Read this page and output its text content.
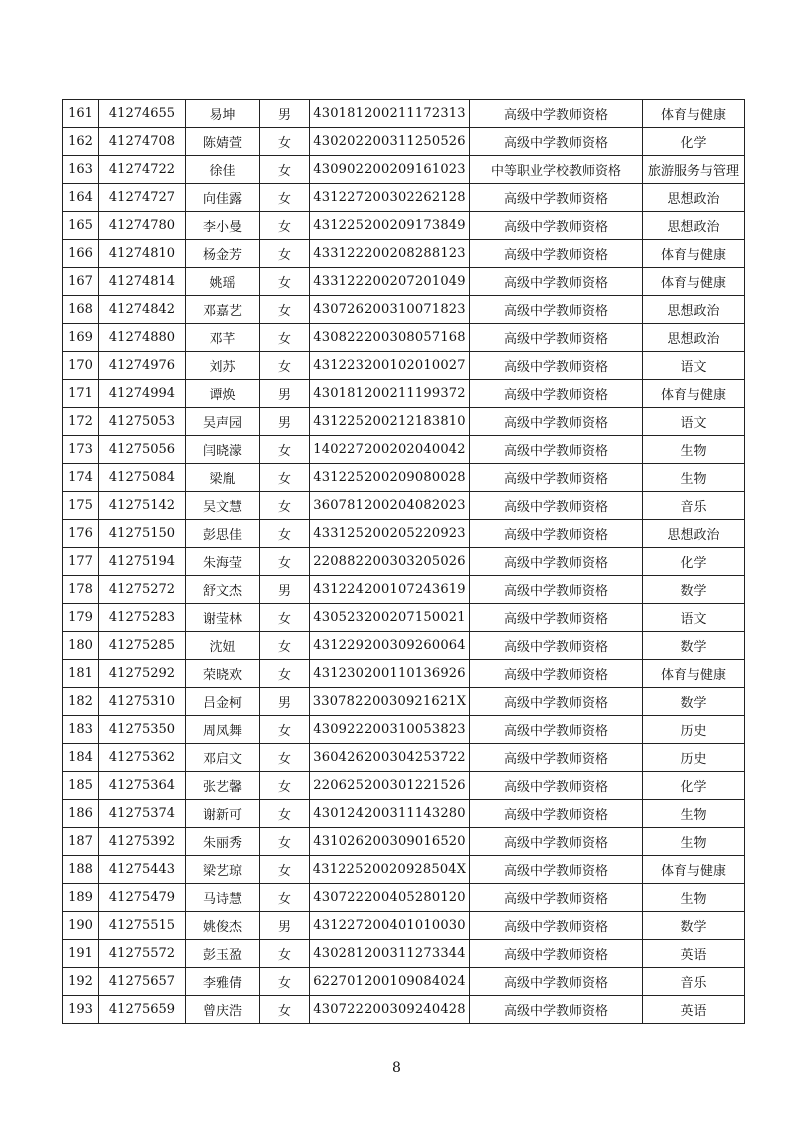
161	41274655	易坤	男	430181200211172313	高级中学教师资格	体育与健康
162	41274708	陈婧萱	女	430202200311250526	高级中学教师资格	化学
163	41274722	徐佳	女	430902200209161023	中等职业学校教师资格	旅游服务与管理
164	41274727	向佳露	女	431227200302262128	高级中学教师资格	思想政治
165	41274780	李小曼	女	431225200209173849	高级中学教师资格	思想政治
166	41274810	杨金芳	女	433122200208288123	高级中学教师资格	体育与健康
167	41274814	姚瑶	女	433122200207201049	高级中学教师资格	体育与健康
168	41274842	邓嘉艺	女	430726200310071823	高级中学教师资格	思想政治
169	41274880	邓芊	女	430822200308057168	高级中学教师资格	思想政治
170	41274976	刘苏	女	431223200102010027	高级中学教师资格	语文
171	41274994	谭焕	男	430181200211199372	高级中学教师资格	体育与健康
172	41275053	吴声园	男	431225200212183810	高级中学教师资格	语文
173	41275056	闫晓濛	女	140227200202040042	高级中学教师资格	生物
174	41275084	梁胤	女	431225200209080028	高级中学教师资格	生物
175	41275142	吴文慧	女	360781200204082023	高级中学教师资格	音乐
176	41275150	彭思佳	女	433125200205220923	高级中学教师资格	思想政治
177	41275194	朱海莹	女	220882200303205026	高级中学教师资格	化学
178	41275272	舒文杰	男	431224200107243619	高级中学教师资格	数学
179	41275283	谢莹林	女	430523200207150021	高级中学教师资格	语文
180	41275285	沈妞	女	431229200309260064	高级中学教师资格	数学
181	41275292	荣晓欢	女	431230200110136926	高级中学教师资格	体育与健康
182	41275310	吕金柯	男	33078220030921621X	高级中学教师资格	数学
183	41275350	周凤舞	女	430922200310053823	高级中学教师资格	历史
184	41275362	邓启文	女	360426200304253722	高级中学教师资格	历史
185	41275364	张艺馨	女	220625200301221526	高级中学教师资格	化学
186	41275374	谢新可	女	430124200311143280	高级中学教师资格	生物
187	41275392	朱丽秀	女	431026200309016520	高级中学教师资格	生物
188	41275443	梁艺琼	女	43122520020928504X	高级中学教师资格	体育与健康
189	41275479	马诗慧	女	430722200405280120	高级中学教师资格	生物
190	41275515	姚俊杰	男	431227200401010030	高级中学教师资格	数学
191	41275572	彭玉盈	女	430281200311273344	高级中学教师资格	英语
192	41275657	李雅倩	女	622701200109084024	高级中学教师资格	音乐
193	41275659	曾庆浩	女	430722200309240428	高级中学教师资格	英语
8
